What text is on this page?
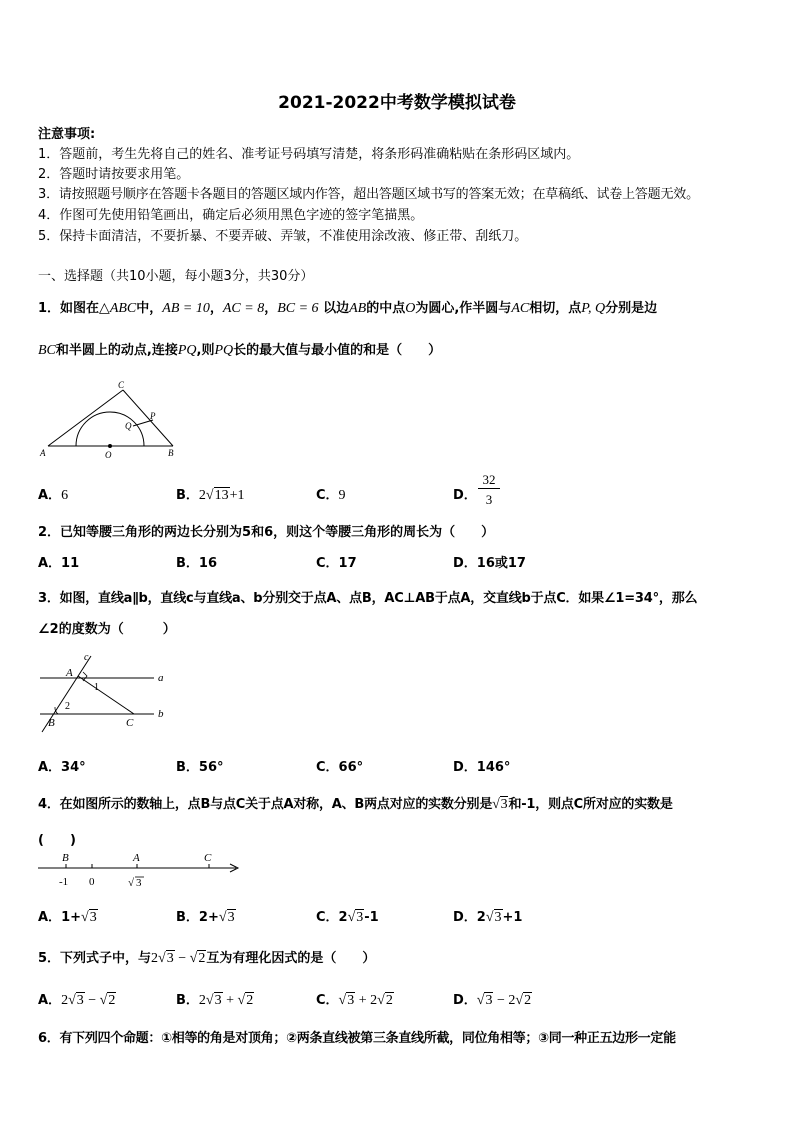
2021-2022中考数学模拟试卷
注意事项:
1．答题前，考生先将自己的姓名、准考证号码填写清楚，将条形码准确粘贴在条形码区域内。
2．答题时请按要求用笔。
3．请按照题号顺序在答题卡各题目的答题区域内作答，超出答题区域书写的答案无效；在草稿纸、试卷上答题无效。
4．作图可先使用铅笔画出，确定后必须用黑色字迹的签字笔描黑。
5．保持卡面清洁，不要折暴、不要弄破、弄皱，不准使用涂改液、修正带、刮纸刀。
一、选择题（共10小题，每小题3分，共30分）
1．如图在△ABC中，AB = 10，AC = 8，BC = 6 以边AB的中点O为圆心,作半圆与AC相切，点P, Q分别是边
BC和半圆上的动点,连接PQ,则PQ长的最大值与最小值的和是（　　）
A	B
C
O
P
Q
A．6	B．2√13+1	C．9	D．
32
3
2．已知等腰三角形的两边长分别为5和6，则这个等腰三角形的周长为（　　）
A．11	B．16	C．17	D．16或17
3．如图，直线a∥b，直线c与直线a、b分别交于点A、点B，AC⊥AB于点A，交直线b于点C．如果∠1=34°，那么
∠2的度数为（　　　）
c
A
1
a
2
B	C
b
A．34°	B．56°	C．66°	D．146°
4．在如图所示的数轴上，点B与点C关于点A对称，A、B两点对应的实数分别是√3和-1，则点C所对应的实数是
(　　)
B	A	C
-1 0	√ 3
A．1+√3	B．2+√3	C．2√3-1	D．2√3+1
5．下列式子中，与2√3 − √2互为有理化因式的是（　　）
A．2√3 − √2	B．2√3 + √2	C．√3 + 2√2	D．√3 − 2√2
6．有下列四个命题：①相等的角是对顶角；②两条直线被第三条直线所截，同位角相等；③同一种正五边形一定能
